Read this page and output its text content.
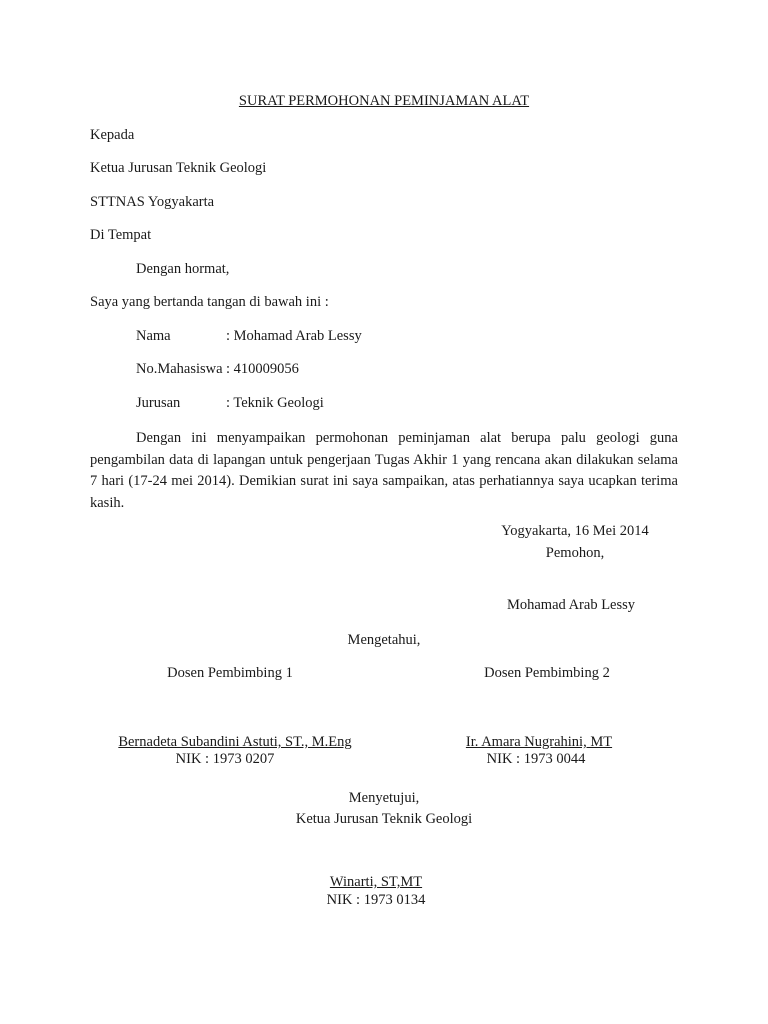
SURAT PERMOHONAN PEMINJAMAN ALAT
Kepada
Ketua Jurusan Teknik Geologi
STTNAS Yogyakarta
Di Tempat
Dengan hormat,
Saya yang bertanda tangan di bawah ini :
Nama	: Mohamad Arab Lessy
No.Mahasiswa : 410009056
Jurusan	: Teknik Geologi
Dengan ini menyampaikan permohonan peminjaman alat berupa palu geologi guna pengambilan data di lapangan untuk pengerjaan Tugas Akhir 1 yang rencana akan dilakukan selama 7 hari (17-24 mei 2014). Demikian surat ini saya sampaikan, atas perhatiannya saya ucapkan terima kasih.
Yogyakarta, 16 Mei 2014
Pemohon,
Mohamad Arab Lessy
Mengetahui,
Dosen Pembimbing 1	Dosen Pembimbing 2
Bernadeta Subandini Astuti, ST., M.Eng
NIK : 1973 0207
Ir. Amara Nugrahini, MT
NIK : 1973 0044
Menyetujui,
Ketua Jurusan Teknik Geologi
Winarti, ST,MT
NIK : 1973 0134
